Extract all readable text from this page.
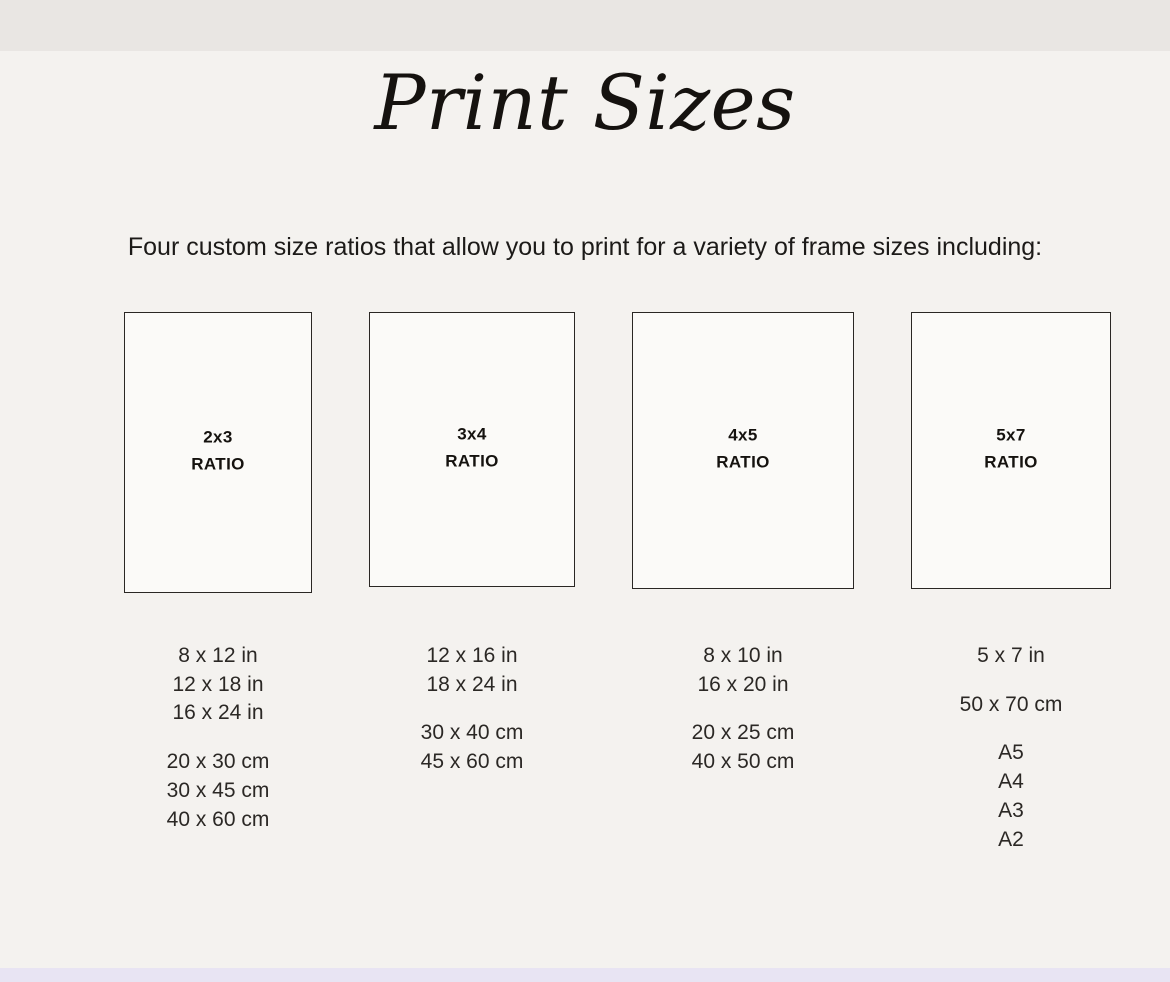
Print Sizes

Four custom size ratios that allow you to print for a variety of frame sizes including:

2x3
RATIO
8 x 12 in
12 x 18 in
16 x 24 in
20 x 30 cm
30 x 45 cm
40 x 60 cm
3x4
RATIO
12 x 16 in
18 x 24 in
30 x 40 cm
45 x 60 cm
4x5
RATIO
8 x 10 in
16 x 20 in
20 x 25 cm
40 x 50 cm
5x7
RATIO
5 x 7 in
50 x 70 cm
A5
A4
A3
A2
